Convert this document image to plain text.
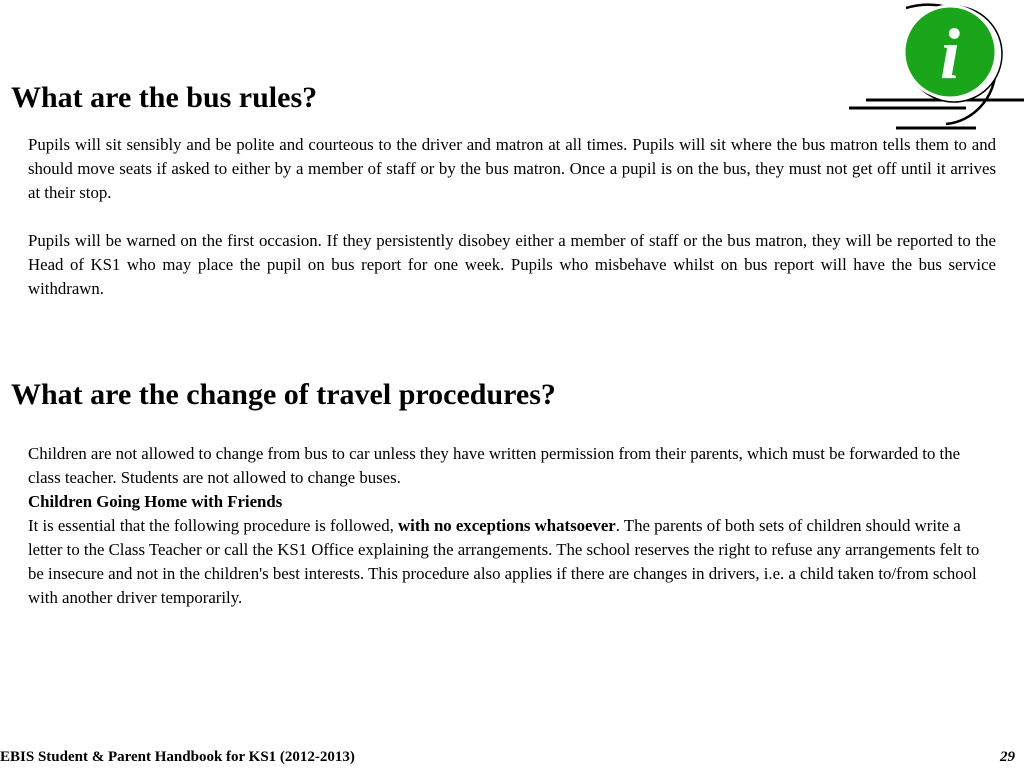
What are the bus rules?

Pupils will sit sensibly and be polite and courteous to the driver and matron at all times. Pupils will sit where the bus matron tells them to and should move seats if asked to either by a member of staff or by the bus matron. Once a pupil is on the bus, they must not get off until it arrives at their stop.

Pupils will be warned on the first occasion. If they persistently disobey either a member of staff or the bus matron, they will be reported to the Head of KS1 who may place the pupil on bus report for one week. Pupils who misbehave whilst on bus report will have the bus service withdrawn.

What are the change of travel procedures?

Children are not allowed to change from bus to car unless they have written permission from their parents, which must be forwarded to the class teacher. Students are not allowed to change buses.

Children Going Home with Friends

It is essential that the following procedure is followed, with no exceptions whatsoever. The parents of both sets of children should write a letter to the Class Teacher or call the KS1 Office explaining the arrangements. The school reserves the right to refuse any arrangements felt to be insecure and not in the children's best interests. This procedure also applies if there are changes in drivers, i.e. a child taken to/from school with another driver temporarily.

i
EBIS Student & Parent Handbook for KS1 (2012-2013)	29
